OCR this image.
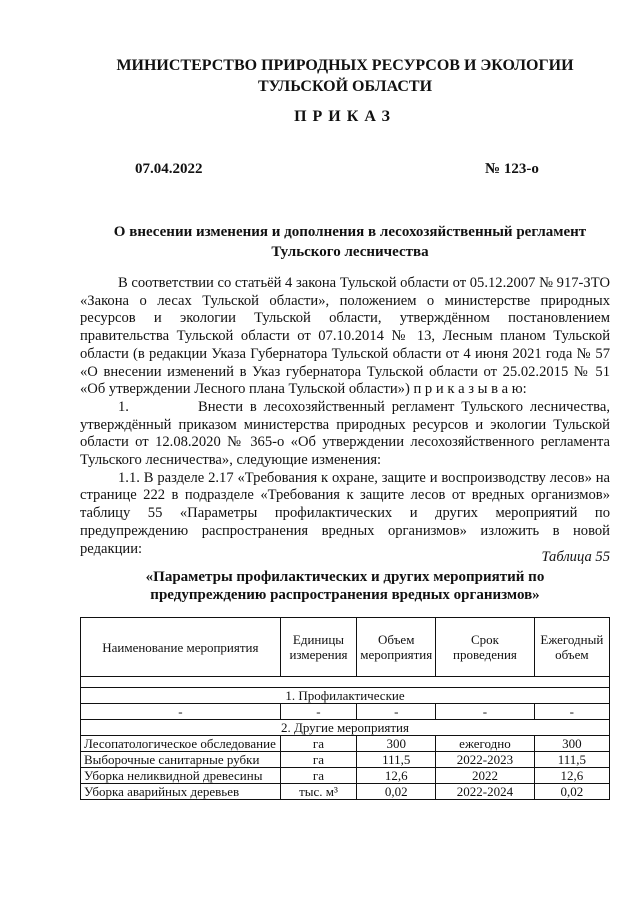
МИНИСТЕРСТВО ПРИРОДНЫХ РЕСУРСОВ И ЭКОЛОГИИ
ТУЛЬСКОЙ ОБЛАСТИ
ПРИКАЗ
07.04.2022	№ 123-о
О внесении изменения и дополнения в лесохозяйственный регламент
Тульского лесничества

В соответствии со статьёй 4 закона Тульской области от 05.12.2007 № 917-ЗТО «Закона о лесах Тульской области», положением о министерстве природных ресурсов и экологии Тульской области, утверждённом постановлением правительства Тульской области от 07.10.2014 № 13, Лесным планом Тульской области (в редакции Указа Губернатора Тульской области от 4 июня 2021 года № 57 «О внесении изменений в Указ губернатора Тульской области от 25.02.2015 № 51 «Об утверждении Лесного плана Тульской области») п р и к а з ы в а ю:

1.	Внести в лесохозяйственный регламент Тульского лесничества, утверждённый приказом министерства природных ресурсов и экологии Тульской области от 12.08.2020 № 365-о «Об утверждении лесохозяйственного регламента Тульского лесничества», следующие изменения:

1.1. В разделе 2.17 «Требования к охране, защите и воспроизводству лесов» на странице 222 в подразделе «Требования к защите лесов от вредных организмов» таблицу 55 «Параметры профилактических и других мероприятий по предупреждению распространения вредных организмов» изложить в новой редакции:

Таблица 55
«Параметры профилактических и других мероприятий по
предупреждению распространения вредных организмов»
Наименование мероприятия	Единицы измерения	Объем мероприятия	Срок проведения	Ежегодный объем

1. Профилактические				
-	-	-	-	-
2. Другие мероприятия				
Лесопатологическое обследование	га	300	ежегодно	300
Выборочные санитарные рубки	га	111,5	2022-2023	111,5
Уборка неликвидной древесины	га	12,6	2022	12,6
Уборка аварийных деревьев	тыс. м³	0,02	2022-2024	0,02
